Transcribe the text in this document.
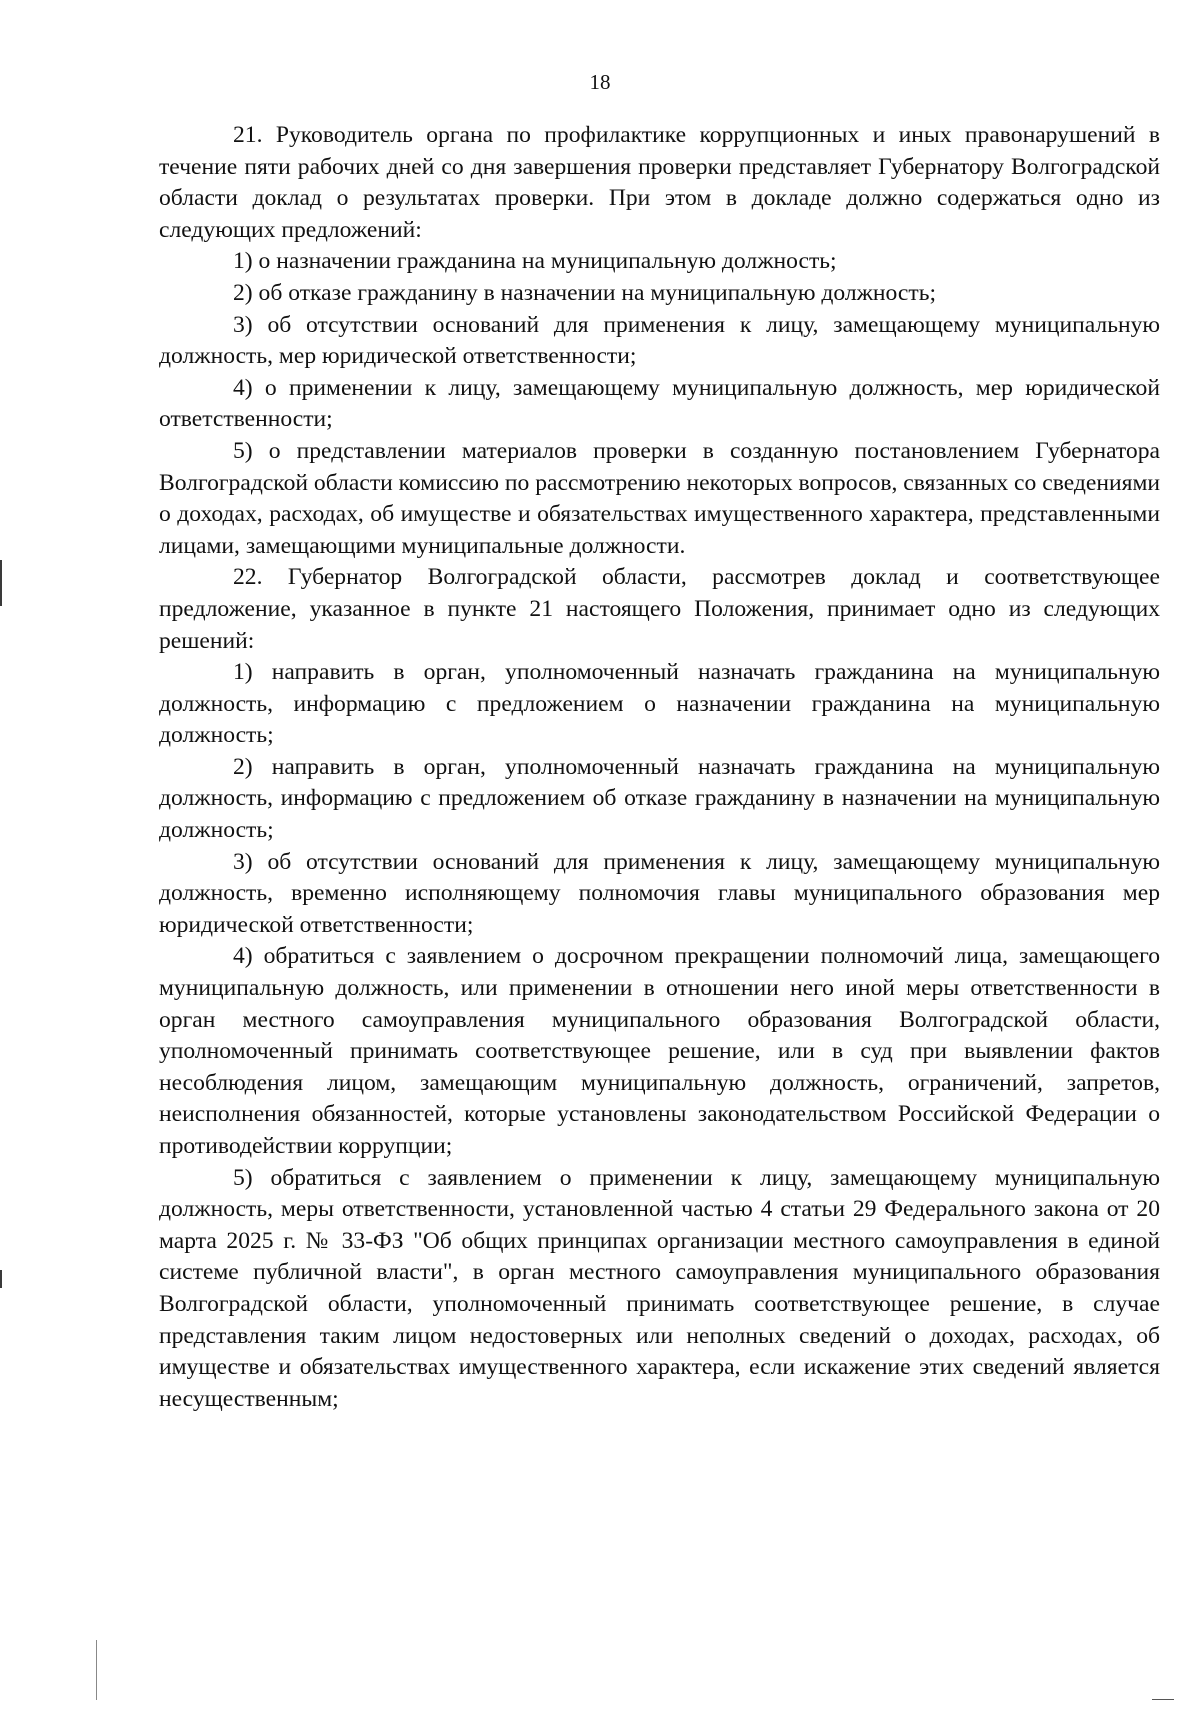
18

21. Руководитель органа по профилактике коррупционных и иных правонарушений в течение пяти рабочих дней со дня завершения проверки представляет Губернатору Волгоградской области доклад о результатах проверки. При этом в докладе должно содержаться одно из следующих предложений:

1) о назначении гражданина на муниципальную должность;

2) об отказе гражданину в назначении на муниципальную должность;

3) об отсутствии оснований для применения к лицу, замещающему муниципальную должность, мер юридической ответственности;

4) о применении к лицу, замещающему муниципальную должность, мер юридической ответственности;

5) о представлении материалов проверки в созданную постановлением Губернатора Волгоградской области комиссию по рассмотрению некоторых вопросов, связанных со сведениями о доходах, расходах, об имуществе и обязательствах имущественного характера, представленными лицами, замещающими муниципальные должности.

22. Губернатор Волгоградской области, рассмотрев доклад и соответствующее предложение, указанное в пункте 21 настоящего Положения, принимает одно из следующих решений:

1) направить в орган, уполномоченный назначать гражданина на муниципальную должность, информацию с предложением о назначении гражданина на муниципальную должность;

2) направить в орган, уполномоченный назначать гражданина на муниципальную должность, информацию с предложением об отказе гражданину в назначении на муниципальную должность;

3) об отсутствии оснований для применения к лицу, замещающему муниципальную должность, временно исполняющему полномочия главы муниципального образования мер юридической ответственности;

4) обратиться с заявлением о досрочном прекращении полномочий лица, замещающего муниципальную должность, или применении в отношении него иной меры ответственности в орган местного самоуправления муниципального образования Волгоградской области, уполномоченный принимать соответствующее решение, или в суд при выявлении фактов несоблюдения лицом, замещающим муниципальную должность, ограничений, запретов, неисполнения обязанностей, которые установлены законодательством Российской Федерации о противодействии коррупции;

5) обратиться с заявлением о применении к лицу, замещающему муниципальную должность, меры ответственности, установленной частью 4 статьи 29 Федерального закона от 20 марта 2025 г. № 33-ФЗ "Об общих принципах организации местного самоуправления в единой системе публичной власти", в орган местного самоуправления муниципального образования Волгоградской области, уполномоченный принимать соответствующее решение, в случае представления таким лицом недостоверных или неполных сведений о доходах, расходах, об имуществе и обязательствах имущественного характера, если искажение этих сведений является несущественным;
